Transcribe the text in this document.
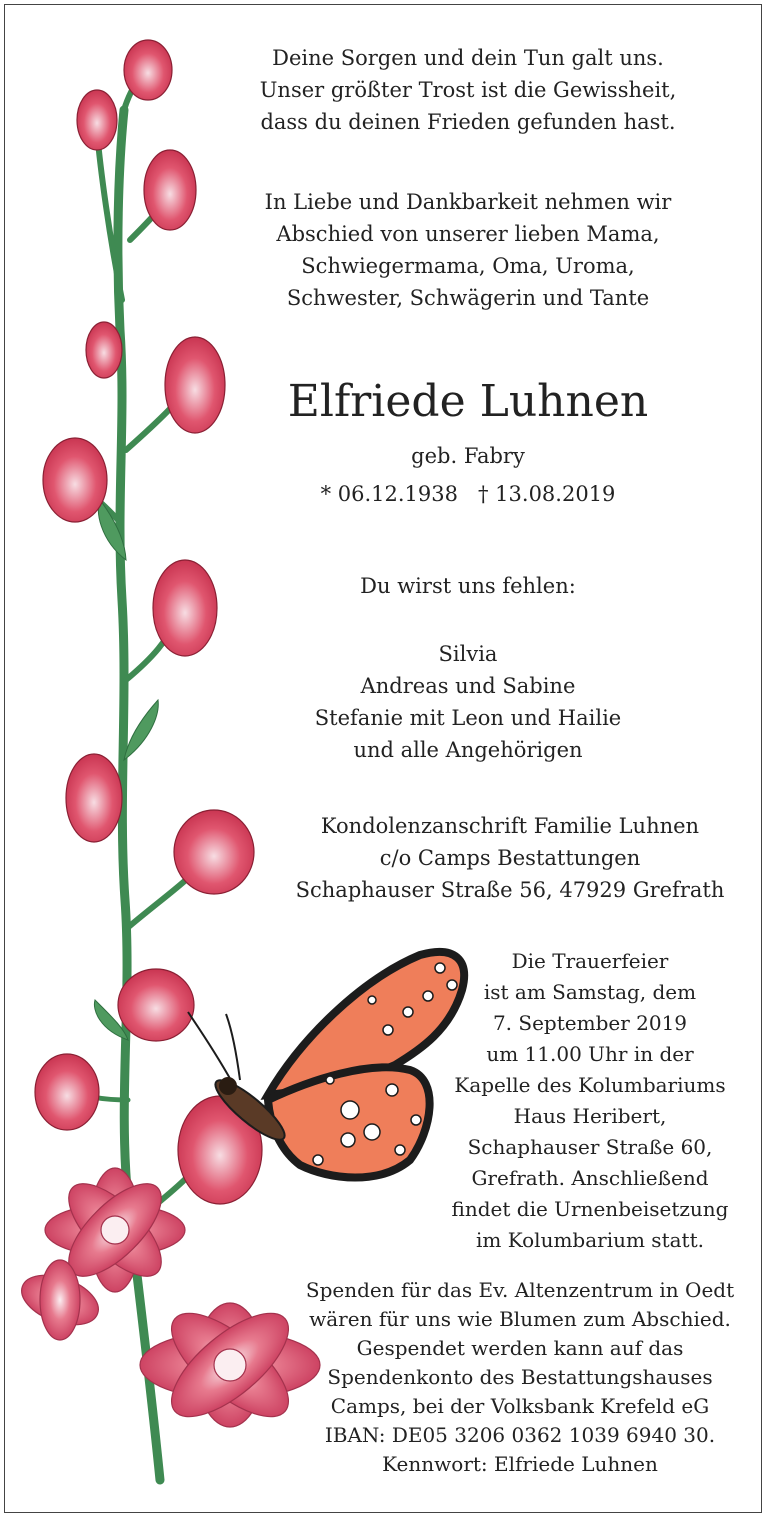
Deine Sorgen und dein Tun galt uns.
Unser größter Trost ist die Gewissheit,
dass du deinen Frieden gefunden hast.
In Liebe und Dankbarkeit nehmen wir
Abschied von unserer lieben Mama,
Schwiegermama, Oma, Uroma,
Schwester, Schwägerin und Tante
Elfriede Luhnen
geb. Fabry
* 06.12.1938   † 13.08.2019
Du wirst uns fehlen:
Silvia
Andreas und Sabine
Stefanie mit Leon und Hailie
und alle Angehörigen
Kondolenzanschrift Familie Luhnen
c/o Camps Bestattungen
Schaphauser Straße 56, 47929 Grefrath
Die Trauerfeier
ist am Samstag, dem
7. September 2019
um 11.00 Uhr in der
Kapelle des Kolumbariums
Haus Heribert,
Schaphauser Straße 60,
Grefrath. Anschließend
findet die Urnenbeisetzung
im Kolumbarium statt.
Spenden für das Ev. Altenzentrum in Oedt
wären für uns wie Blumen zum Abschied.
Gespendet werden kann auf das
Spendenkonto des Bestattungshauses
Camps, bei der Volksbank Krefeld eG
IBAN: DE05 3206 0362 1039 6940 30.
Kennwort: Elfriede Luhnen
